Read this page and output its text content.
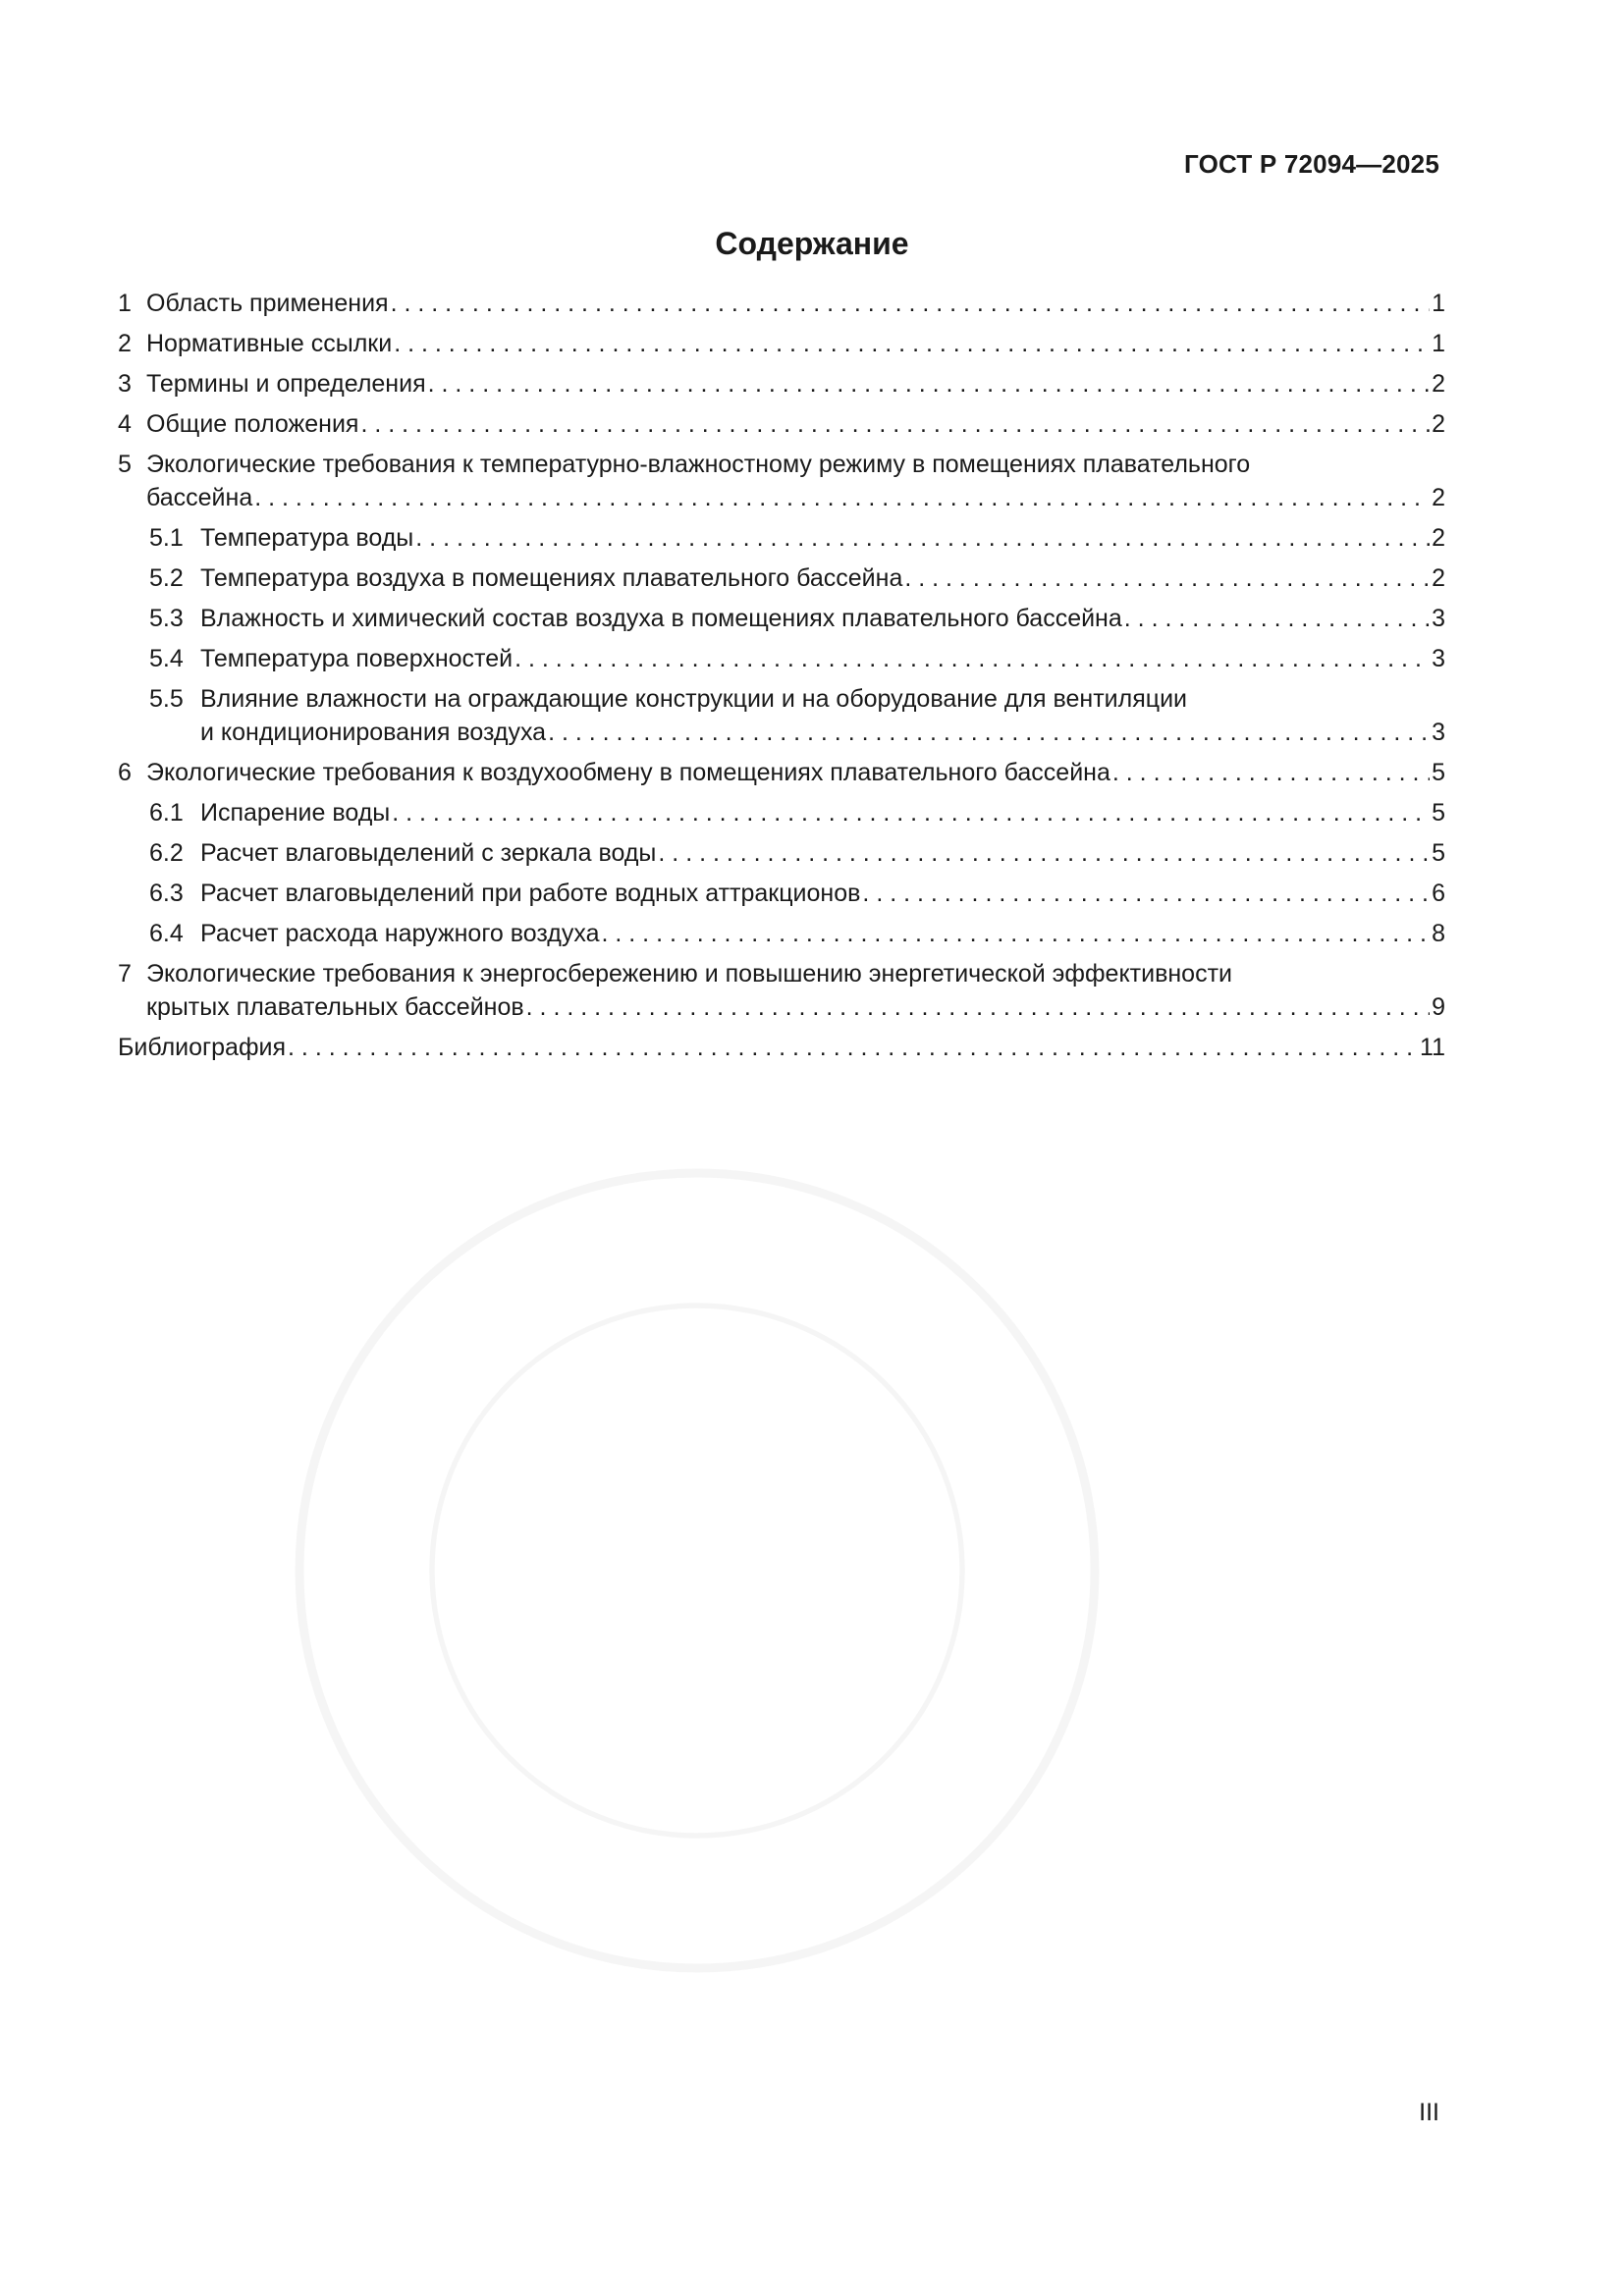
ГОСТ Р 72094—2025
Содержание
1 Область применения . . .	1
2 Нормативные ссылки . . .	1
3 Термины и определения . . .	2
4 Общие положения . . .	2
5 Экологические требования к температурно-влажностному режиму в помещениях плавательного
бассейна . . .	2
5.1 Температура воды . . .	2
5.2 Температура воздуха в помещениях плавательного бассейна . . .	2
5.3 Влажность и химический состав воздуха в помещениях плавательного бассейна . . .	3
5.4 Температура поверхностей . . .	3
5.5 Влияние влажности на ограждающие конструкции и на оборудование для вентиляции
и кондиционирования воздуха . . .	3
6 Экологические требования к воздухообмену в помещениях плавательного бассейна . . .	5
6.1 Испарение воды . . .	5
6.2 Расчет влаговыделений с зеркала воды . . .	5
6.3 Расчет влаговыделений при работе водных аттракционов . . .	6
6.4 Расчет расхода наружного воздуха . . .	8
7 Экологические требования к энергосбережению и повышению энергетической эффективности
крытых плавательных бассейнов . . .	9
Библиография . . .	11
III
